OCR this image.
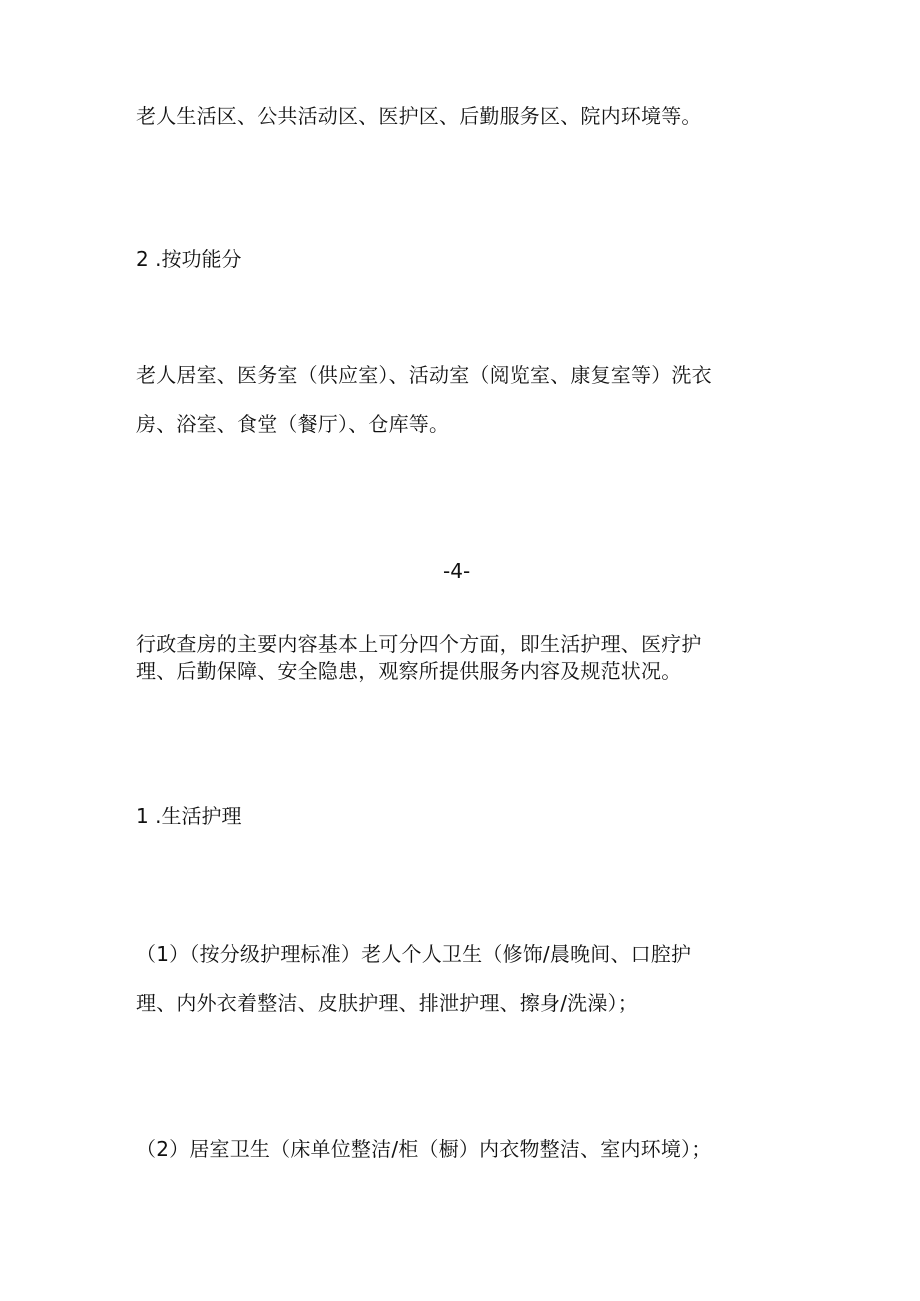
老人生活区、公共活动区、医护区、后勤服务区、院内环境等。
2 .按功能分
老人居室、医务室（供应室）、活动室（阅览室、康复室等）洗衣
房、浴室、食堂（餐厅）、仓库等。
-4-
行政查房的主要内容基本上可分四个方面，即生活护理、医疗护
理、后勤保障、安全隐患，观察所提供服务内容及规范状况。
1 .生活护理
（1）（按分级护理标准）老人个人卫生（修饰/晨晚间、口腔护
理、内外衣着整洁、皮肤护理、排泄护理、擦身/洗澡）；
（2）居室卫生（床单位整洁/柜（橱）内衣物整洁、室内环境）；
